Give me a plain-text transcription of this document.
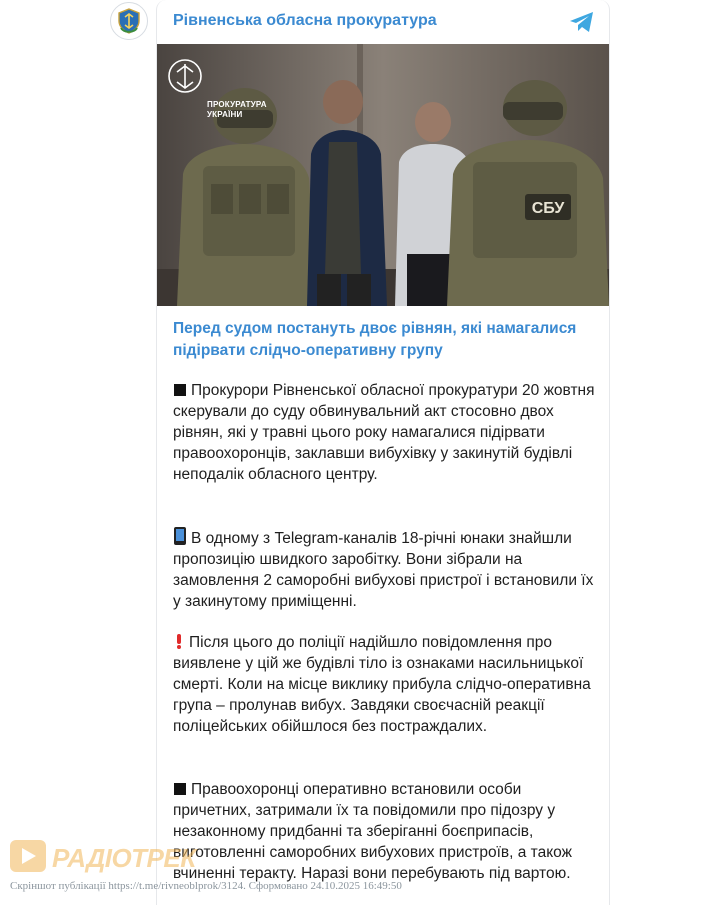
Рівненська обласна прокуратура
СБУ
ПРОКУРАТУРА
УКРАЇНИ
Перед судом постануть двоє рівнян, які намагалися підірвати слідчо-оперативну групу
Прокурори Рівненської обласної прокуратури 20 жовтня скерували до суду обвинувальний акт стосовно двох рівнян, які у травні цього року намагалися підірвати правоохоронців, заклавши вибухівку у закинутій будівлі неподалік обласного центру.
В одному з Telegram-каналів 18-річні юнаки знайшли пропозицію швидкого заробітку. Вони зібрали на замовлення 2 саморобні вибухові пристрої і встановили їх у закинутому приміщенні.
Після цього до поліції надійшло повідомлення про виявлене у цій же будівлі тіло із ознаками насильницької смерті. Коли на місце виклику прибула слідчо-оперативна група – пролунав вибух. Завдяки своєчасній реакції поліцейських обійшлося без постраждалих.
Правоохоронці оперативно встановили особи причетних, затримали їх та повідомили про підозру у незаконному придбанні та зберіганні боєприпасів, виготовленні саморобних вибухових пристроїв, а також вчиненні теракту. Наразі вони перебувають під вартою.
РАДІОТРЕК
Скріншот публікації https://t.me/rivneoblprok/3124. Сформовано 24.10.2025 16:49:50
